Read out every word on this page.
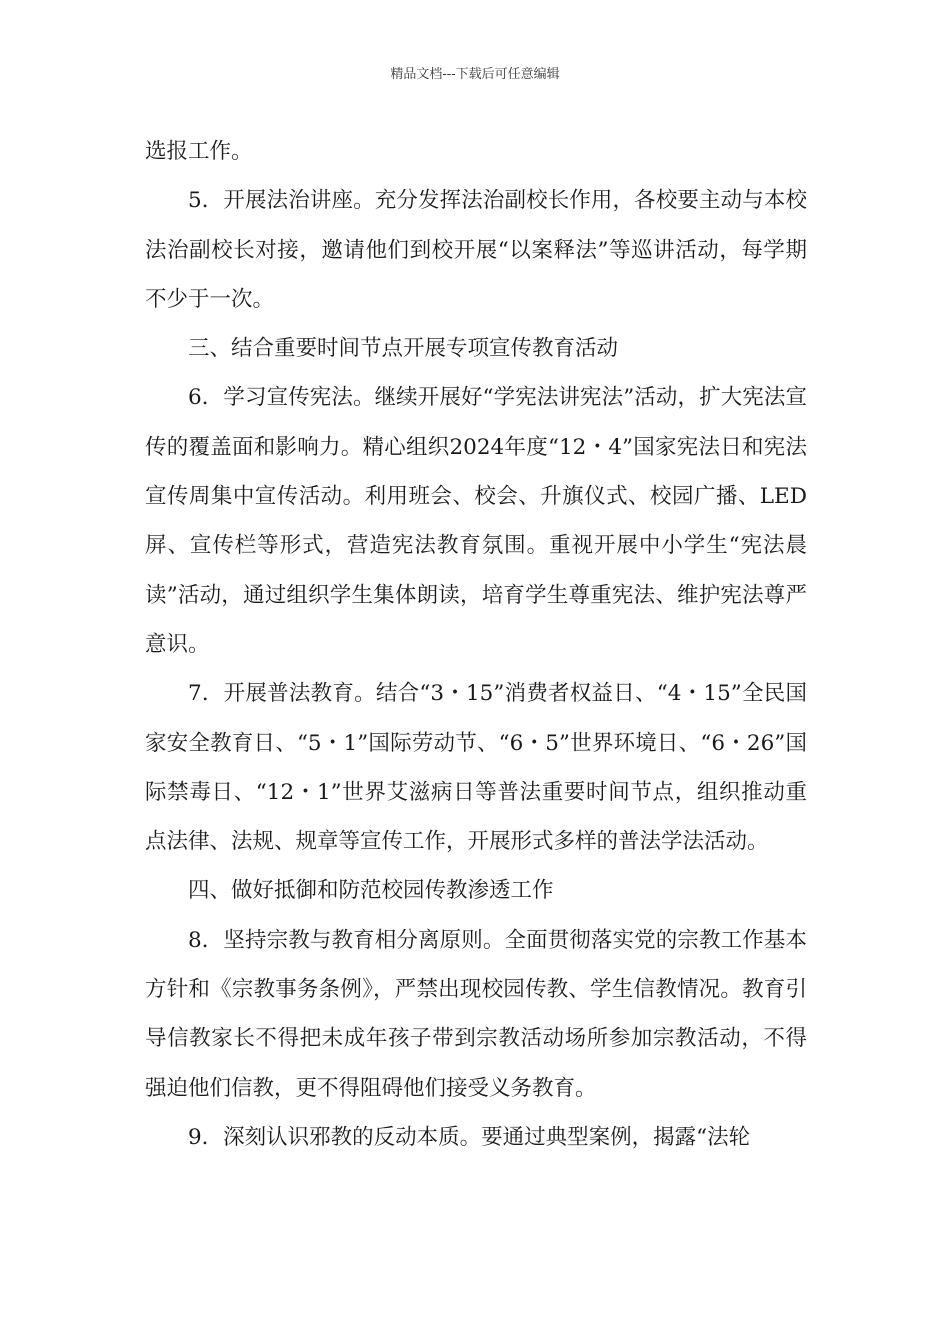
精品文档---下载后可任意编辑

选报工作。

5．开展法治讲座。充分发挥法治副校长作用，各校要主动与本校法治副校长对接，邀请他们到校开展“以案释法”等巡讲活动，每学期不少于一次。

三、结合重要时间节点开展专项宣传教育活动

6．学习宣传宪法。继续开展好“学宪法讲宪法”活动，扩大宪法宣传的覆盖面和影响力。精心组织2024年度“12・4”国家宪法日和宪法宣传周集中宣传活动。利用班会、校会、升旗仪式、校园广播、LED屏、宣传栏等形式，营造宪法教育氛围。重视开展中小学生“宪法晨读”活动，通过组织学生集体朗读，培育学生尊重宪法、维护宪法尊严意识。

7．开展普法教育。结合“3・15”消费者权益日、“4・15”全民国家安全教育日、“5・1”国际劳动节、“6・5”世界环境日、“6・26”国际禁毒日、“12・1”世界艾滋病日等普法重要时间节点，组织推动重点法律、法规、规章等宣传工作，开展形式多样的普法学法活动。

四、做好抵御和防范校园传教渗透工作

8．坚持宗教与教育相分离原则。全面贯彻落实党的宗教工作基本方针和《宗教事务条例》，严禁出现校园传教、学生信教情况。教育引导信教家长不得把未成年孩子带到宗教活动场所参加宗教活动，不得强迫他们信教，更不得阻碍他们接受义务教育。

9．深刻认识邪教的反动本质。要通过典型案例，揭露“法轮
